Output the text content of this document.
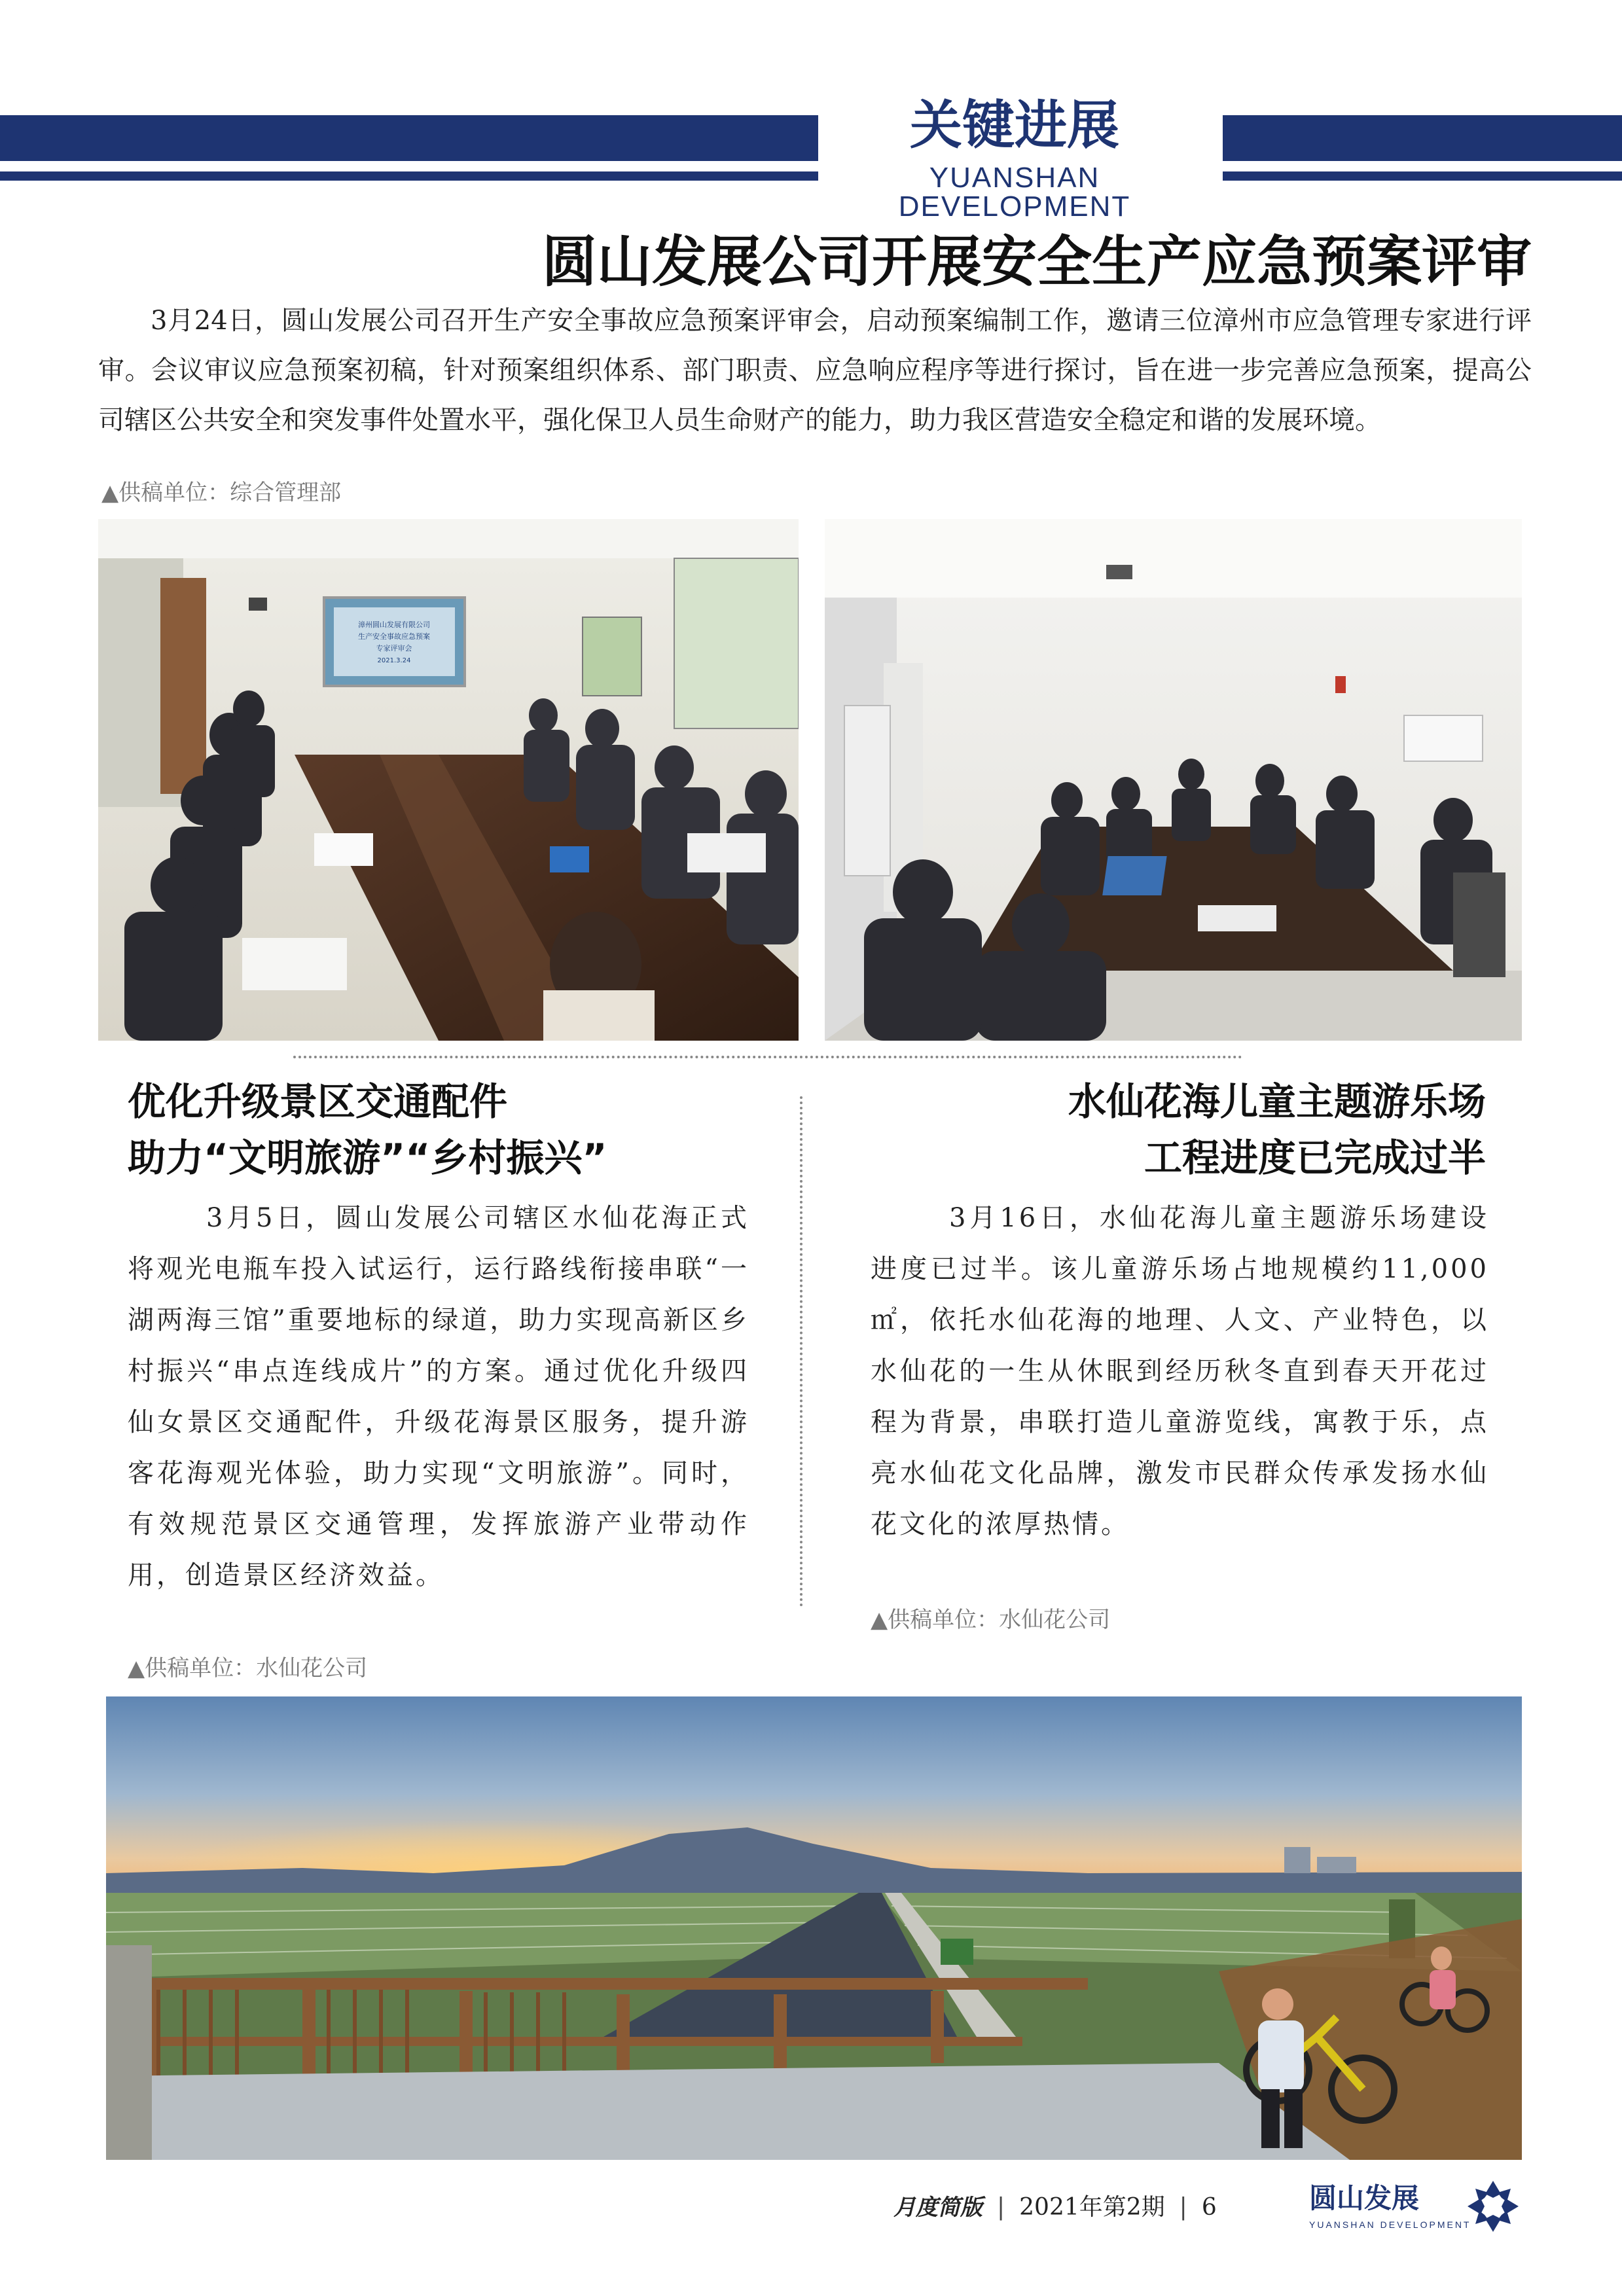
关键进展
YUANSHAN DEVELOPMENT
圆山发展公司开展安全生产应急预案评审
3月24日，圆山发展公司召开生产安全事故应急预案评审会，启动预案编制工作，邀请三位漳州市应急管理专家进行评审。会议审议应急预案初稿，针对预案组织体系、部门职责、应急响应程序等进行探讨，旨在进一步完善应急预案，提高公司辖区公共安全和突发事件处置水平，强化保卫人员生命财产的能力，助力我区营造安全稳定和谐的发展环境。
▲供稿单位：综合管理部
漳州圆山发展有限公司
生产安全事故应急预案
专家评审会
2021.3.24
优化升级景区交通配件
助力“文明旅游”“乡村振兴”

3月5日，圆山发展公司辖区水仙花海正式将观光电瓶车投入试运行，运行路线衔接串联“一湖两海三馆”重要地标的绿道，助力实现高新区乡村振兴“串点连线成片”的方案。通过优化升级四仙女景区交通配件，升级花海景区服务，提升游客花海观光体验，助力实现“文明旅游”。同时，有效规范景区交通管理，发挥旅游产业带动作用，创造景区经济效益。

▲供稿单位：水仙花公司
水仙花海儿童主题游乐场
工程进度已完成过半

3月16日，水仙花海儿童主题游乐场建设进度已过半。该儿童游乐场占地规模约11,000㎡，依托水仙花海的地理、人文、产业特色，以水仙花的一生从休眠到经历秋冬直到春天开花过程为背景，串联打造儿童游览线，寓教于乐，点亮水仙花文化品牌，激发市民群众传承发扬水仙花文化的浓厚热情。

▲供稿单位：水仙花公司
月度简版 | 2021年第2期 | 6	圆山发展
YUANSHAN DEVELOPMENT
